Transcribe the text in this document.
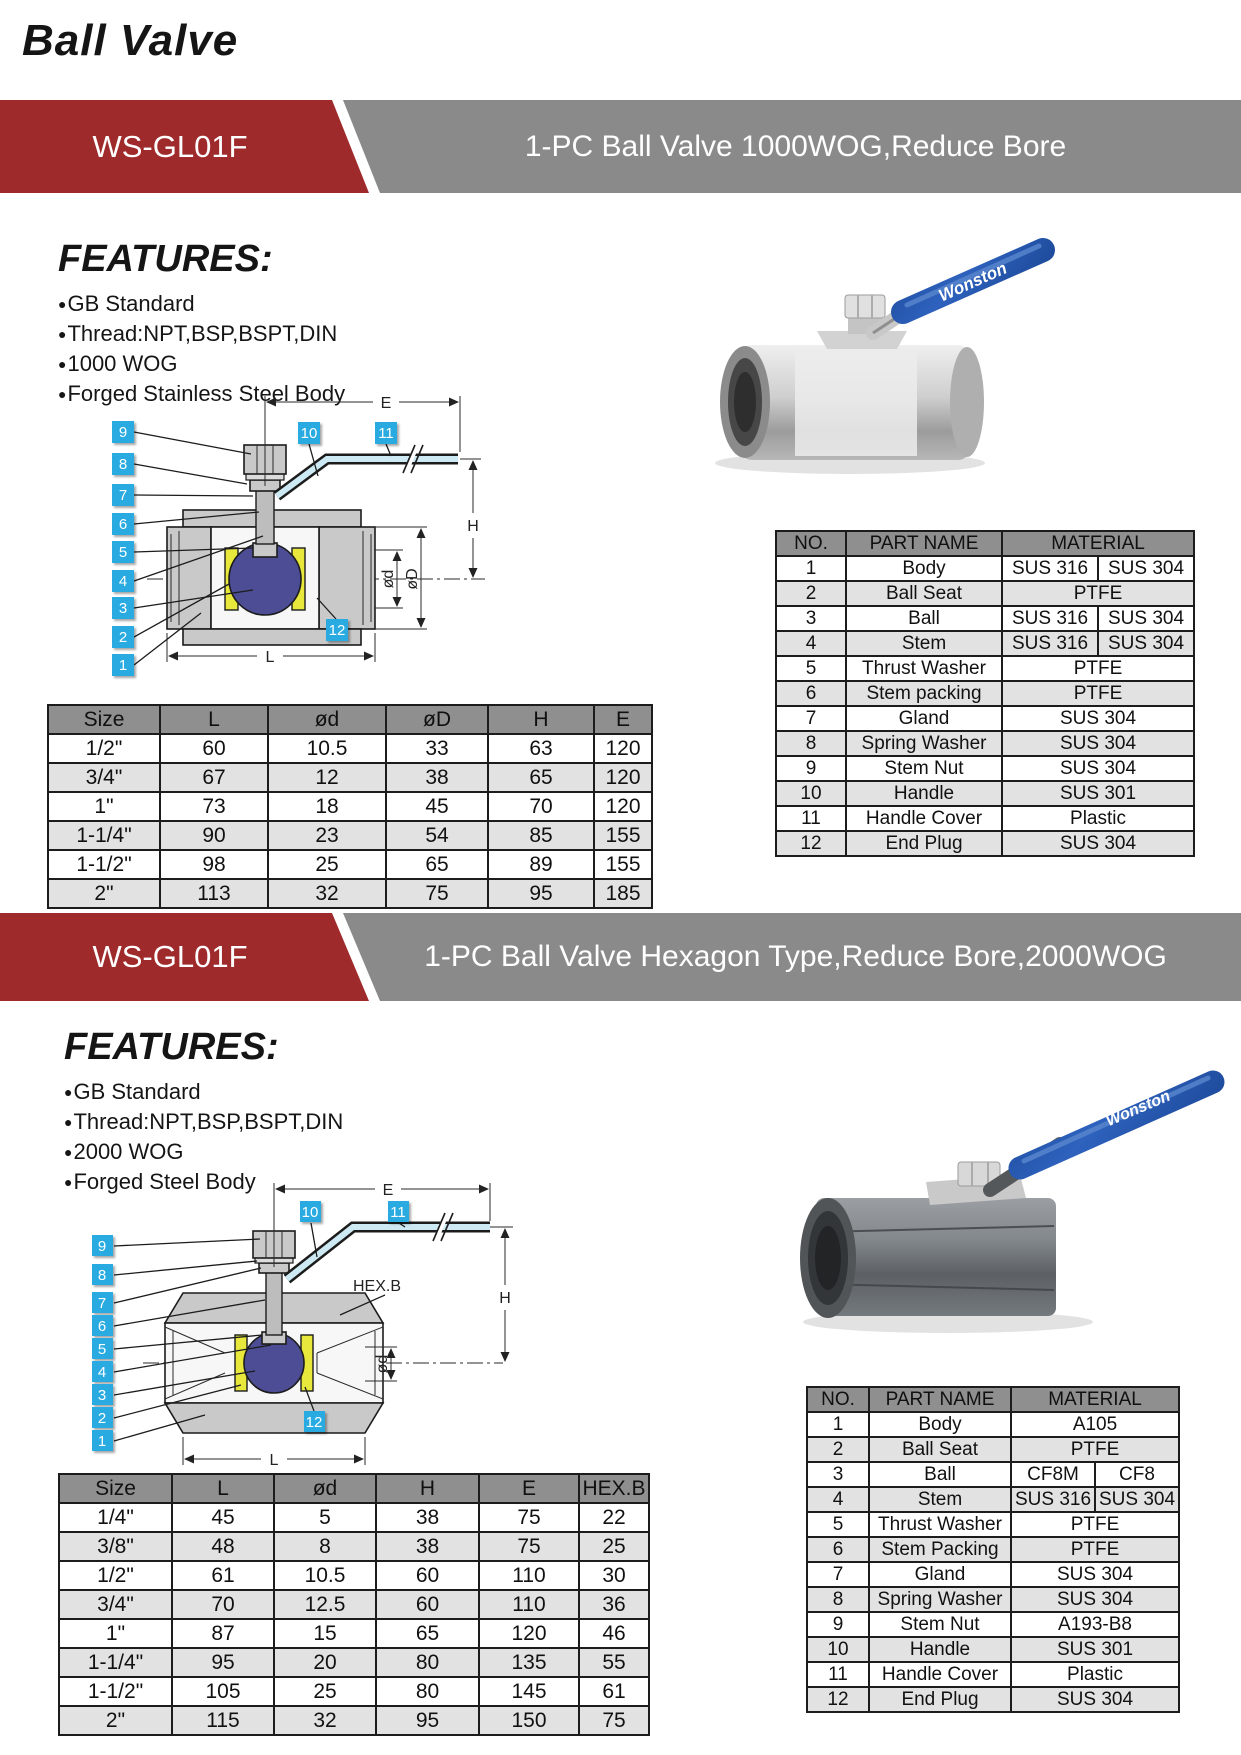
Ball Valve
WS-GL01F	1-PC Ball Valve 1000WOG,Reduce Bore
FEATURES:
●GB Standard
●Thread:NPT,BSP,BSPT,DIN
●1000 WOG
●Forged Stainless Steel Body E
H
ød øD
L
9
8
7
6
5
4
3
2
1
10	11
12
Wonston
NO.	PART NAME	MATERIAL	
1	Body	SUS 316	SUS 304
2	Ball Seat	PTFE	
3	Ball	SUS 316	SUS 304
4	Stem	SUS 316	SUS 304
5	Thrust Washer	PTFE	
6	Stem packing	PTFE	
7	Gland	SUS 304	
8	Spring Washer	SUS 304	
9	Stem Nut	SUS 304	
10	Handle	SUS 301	
11	Handle Cover	Plastic	
12	End Plug	SUS 304	
Size	L	ød	øD	H	E
1/2"	60	10.5	33	63	120
3/4"	67	12	38	65	120
1"	73	18	45	70	120
1-1/4"	90	23	54	85	155
1-1/2"	98	25	65	89	155
2"	113	32	75	95	185
WS-GL01F	1-PC Ball Valve Hexagon Type,Reduce Bore,2000WOG
FEATURES:
●GB Standard
●Thread:NPT,BSP,BSPT,DIN
●2000 WOG
●Forged Steel Body	E
H
HEX.B
ød
L
9
8
7
6
5
4
3
2
1
10	11
12
Wonston
NO.	PART NAME	MATERIAL	
1	Body	A105	
2	Ball Seat	PTFE	
3	Ball	CF8M	CF8
4	Stem	SUS 316	SUS 304
5	Thrust Washer	PTFE	
6	Stem Packing	PTFE	
7	Gland	SUS 304	
8	Spring Washer	SUS 304	
9	Stem Nut	A193-B8	
10	Handle	SUS 301	
11	Handle Cover	Plastic	
12	End Plug	SUS 304	
Size	L	ød	H	E	HEX.B
1/4"	45	5	38	75	22
3/8"	48	8	38	75	25
1/2"	61	10.5	60	110	30
3/4"	70	12.5	60	110	36
1"	87	15	65	120	46
1-1/4"	95	20	80	135	55
1-1/2"	105	25	80	145	61
2"	115	32	95	150	75
